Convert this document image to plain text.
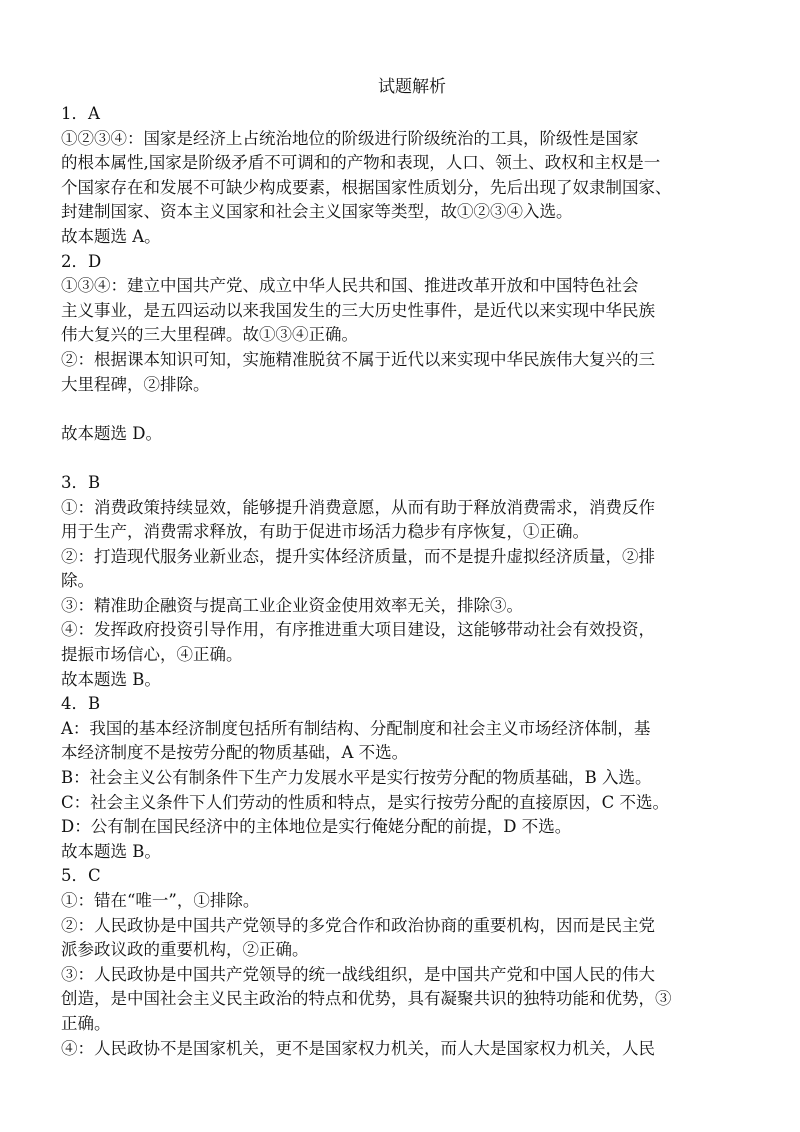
试题解析
1．A
①②③④：国家是经济上占统治地位的阶级进行阶级统治的工具，阶级性是国家
的根本属性,国家是阶级矛盾不可调和的产物和表现，人口、领土、政权和主权是一
个国家存在和发展不可缺少构成要素，根据国家性质划分，先后出现了奴隶制国家、
封建制国家、资本主义国家和社会主义国家等类型，故①②③④入选。
故本题选 A。
2．D
①③④：建立中国共产党、成立中华人民共和国、推进改革开放和中国特色社会
主义事业，是五四运动以来我国发生的三大历史性事件，是近代以来实现中华民族
伟大复兴的三大里程碑。故①③④正确。
②：根据课本知识可知，实施精准脱贫不属于近代以来实现中华民族伟大复兴的三
大里程碑，②排除。
故本题选 D。
3．B
①：消费政策持续显效，能够提升消费意愿，从而有助于释放消费需求，消费反作
用于生产，消费需求释放，有助于促进市场活力稳步有序恢复，①正确。
②：打造现代服务业新业态，提升实体经济质量，而不是提升虚拟经济质量，②排
除。
③：精准助企融资与提高工业企业资金使用效率无关，排除③。
④：发挥政府投资引导作用，有序推进重大项目建设，这能够带动社会有效投资，
提振市场信心，④正确。
故本题选 B。
4．B
A：我国的基本经济制度包括所有制结构、分配制度和社会主义市场经济体制，基
本经济制度不是按劳分配的物质基础，A 不选。
B：社会主义公有制条件下生产力发展水平是实行按劳分配的物质基础，B 入选。
C：社会主义条件下人们劳动的性质和特点，是实行按劳分配的直接原因，C 不选。
D：公有制在国民经济中的主体地位是实行俺姥分配的前提，D 不选。
故本题选 B。
5．C
①：错在“唯一”，①排除。
②：人民政协是中国共产党领导的多党合作和政治协商的重要机构，因而是民主党
派参政议政的重要机构，②正确。
③：人民政协是中国共产党领导的统一战线组织，是中国共产党和中国人民的伟大
创造，是中国社会主义民主政治的特点和优势，具有凝聚共识的独特功能和优势，③
正确。
④：人民政协不是国家机关，更不是国家权力机关，而人大是国家权力机关，人民
